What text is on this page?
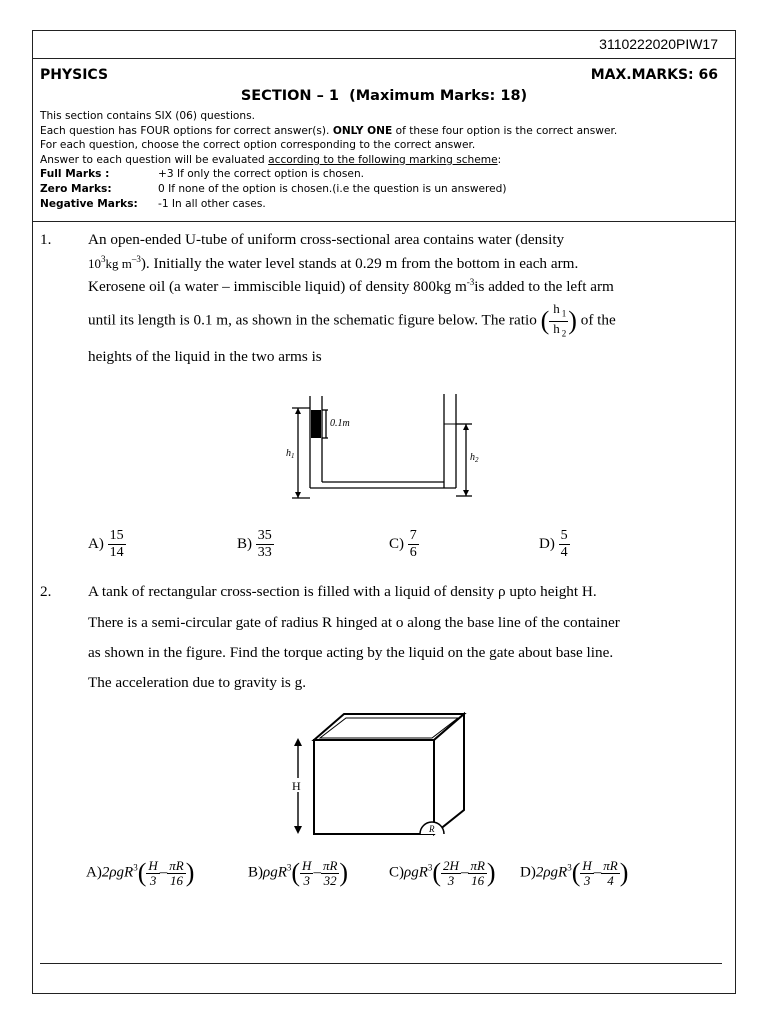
3110222020PIW17
PHYSICS	MAX.MARKS: 66
SECTION – 1 (Maximum Marks: 18)
This section contains SIX (06) questions.
Each question has FOUR options for correct answer(s). ONLY ONE of these four option is the correct answer.
For each question, choose the correct option corresponding to the correct answer.
Answer to each question will be evaluated according to the following marking scheme:
Full Marks :	+3 If only the correct option is chosen.
Zero Marks:	0 If none of the option is chosen.(i.e the question is un answered)
Negative Marks: -1 In all other cases.
1. An open-ended U-tube of uniform cross-sectional area contains water (density
$10^3kg$ $m^{-3}$). Initially the water level stands at 0.29 m from the bottom in each arm.
Kerosene oil (a water – immiscible liquid) of density 800kg $m^{-3}is$ added to the left arm
until its length is 0.1 m, as shown in the schematic figure below. The ratio ( $\frac{h _1}{h _2}$ ) of the
heights of the liquid in the two arms is
0.1m
$h_1$	$h_2$
$A) \frac{15}{14}$	$B) \frac{35}{33}$	$C) \frac{7}{6}$	$D) \frac{5}{4}$
2. A tank of rectangular cross-section is filled with a liquid of density ρ upto height H.
There is a semi-circular gate of radius R hinged at o along the base line of the container
as shown in the figure. Find the torque acting by the liquid on the gate about base line.
The acceleration due to gravity is g.
R
H
$A)2\rho gR^3( \frac{H}{3} - \frac{\pi R}{16}$ )	$B)\rho gR^3( \frac{H}{3} - \frac{\pi R}{32}$ )	$C)\rho gR^3( \frac{2H}{3} - \frac{\pi R}{16}$ ) $D)2\rho gR^3( \frac{H}{3} - \frac{\pi R}{4}$ )
